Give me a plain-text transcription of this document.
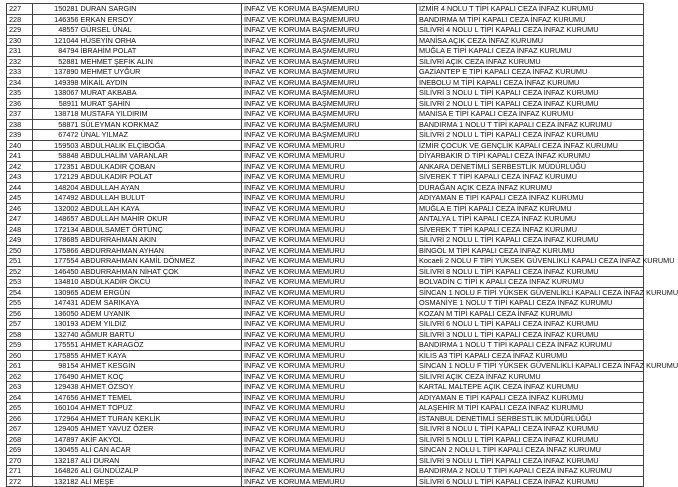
227	150281	DURAN SARGIN	İNFAZ VE KORUMA BAŞMEMURU	İZMİR 4 NOLU T TİPİ KAPALI CEZA İNFAZ KURUMU
228	146356	ERKAN ERSOY	İNFAZ VE KORUMA BAŞMEMURU	BANDIRMA M TİPİ KAPALI CEZA İNFAZ KURUMU
229	48557	GÜRSEL ÜNAL	İNFAZ VE KORUMA BAŞMEMURU	SİLİVRİ 4 NOLU L TİPİ KAPALI CEZA İNFAZ KURUMU
230	121044	HÜSEYİN ORHA	İNFAZ VE KORUMA BAŞMEMURU	MANİSA AÇIK CEZA İNFAZ KURUMU
231	84794	İBRAHİM POLAT	İNFAZ VE KORUMA BAŞMEMURU	MUĞLA E TİPİ KAPALI CEZA İNFAZ KURUMU
232	52881	MEHMET ŞEFİK ALIN	İNFAZ VE KORUMA BAŞMEMURU	SİLİVRİ AÇIK CEZA İNFAZ KURUMU
233	137890	MEHMET UYĞUR	İNFAZ VE KORUMA BAŞMEMURU	GAZİANTEP E TİPİ KAPALI CEZA İNFAZ KURUMU
234	149398	MİKAİL AYDIN	İNFAZ VE KORUMA BAŞMEMURU	İNEBOLU M TİPİ KAPALI CEZA İNFAZ KURUMU
235	138067	MURAT AKBABA	İNFAZ VE KORUMA BAŞMEMURU	SİLİVRİ 3 NOLU L TİPİ KAPALI CEZA İNFAZ KURUMU
236	58911	MURAT ŞAHİN	İNFAZ VE KORUMA BAŞMEMURU	SİLİVRİ 2 NOLU L TİPİ KAPALI CEZA İNFAZ KURUMU
237	138718	MUSTAFA YILDIRIM	İNFAZ VE KORUMA BAŞMEMURU	MANİSA E TİPİ KAPALI CEZA İNFAZ KURUMU
238	58871	SÜLEYMAN KORKMAZ	İNFAZ VE KORUMA BAŞMEMURU	BANDIRMA 1 NOLU T TİPİ KAPALI CEZA İNFAZ KURUMU
239	67472	ÜNAL YILMAZ	İNFAZ VE KORUMA BAŞMEMURU	SİLİVRİ 2 NOLU L TİPİ KAPALI CEZA İNFAZ KURUMU
240	159503	ABDULHALIK ELÇİBOĞA	İNFAZ VE KORUMA MEMURU	İZMİR ÇOCUK VE GENÇLİK KAPALI CEZA İNFAZ KURUMU
241	58848	ABDULHALİM VARANLAR	İNFAZ VE KORUMA MEMURU	DİYARBAKIR D TİPİ KAPALI CEZA İNFAZ KURUMU
242	172351	ABDULKADİR ÇOBAN	İNFAZ VE KORUMA MEMURU	ANKARA DENETİMLİ SERBESTLİK MÜDÜRLÜĞÜ
243	172129	ABDULKADİR POLAT	İNFAZ VE KORUMA MEMURU	SİVEREK T TİPİ KAPALI CEZA İNFAZ KURUMU
244	148204	ABDULLAH AYAN	İNFAZ VE KORUMA MEMURU	DURAĞAN AÇIK CEZA İNFAZ KURUMU
245	147492	ABDULLAH BULUT	İNFAZ VE KORUMA MEMURU	ADIYAMAN E TİPİ KAPALI CEZA İNFAZ KURUMU
246	132002	ABDULLAH KAYA	İNFAZ VE KORUMA MEMURU	MUĞLA E TİPİ KAPALI CEZA İNFAZ KURUMU
247	148657	ABDULLAH MAHİR OKUR	İNFAZ VE KORUMA MEMURU	ANTALYA L TİPİ KAPALI CEZA İNFAZ KURUMU
248	172134	ABDULSAMET ÖRTÜNÇ	İNFAZ VE KORUMA MEMURU	SİVEREK T TİPİ KAPALI CEZA İNFAZ KURUMU
249	178685	ABDURRAHMAN AKIN	İNFAZ VE KORUMA MEMURU	SİLİVRİ 2 NOLU L TİPİ KAPALI CEZA İNFAZ KURUMU
250	175866	ABDURRAHMAN AYHAN	İNFAZ VE KORUMA MEMURU	BİNGÖL M TİPİ KAPALI CEZA İNFAZ KURUMU
251	177554	ABDURRAHMAN KAMİL DÖNMEZ	İNFAZ VE KORUMA MEMURU	Kocaeli 2 NOLU F TİPİ YÜKSEK GÜVENLİKLİ KAPALI CEZA İNFAZ KURUMU
252	146450	ABDURRAHMAN NİHAT ÇOK	İNFAZ VE KORUMA MEMURU	SİLİVRİ 8 NOLU L TİPİ KAPALI CEZA İNFAZ KURUMU
253	134810	ABDÜLKADİR ÖKCÜ	İNFAZ VE KORUMA MEMURU	BOLVADİN C TİPİ K APALI CEZA İNFAZ KURUMU
254	130965	ADEM ERGÜN	İNFAZ VE KORUMA MEMURU	SİNCAN 1 NOLU F TİPİ YÜKSEK GÜVENLİKLİ KAPALI CEZA İNFAZ KURUMU
255	147431	ADEM SARIKAYA	İNFAZ VE KORUMA MEMURU	OSMANİYE 1 NOLU T TİPİ KAPALI CEZA İNFAZ KURUMU
256	136050	ADEM UYANIK	İNFAZ VE KORUMA MEMURU	KOZAN M TİPİ KAPALI CEZA İNFAZ KURUMU
257	130193	ADEM YILDIZ	İNFAZ VE KORUMA MEMURU	SİLİVRİ 6 NOLU L TİPİ KAPALI CEZA İNFAZ KURUMU
258	132740	AĞMUR BARTU	İNFAZ VE KORUMA MEMURU	SİLİVRİ 3 NOLU L TİPİ KAPALI CEZA İNFAZ KURUMU
259	175551	AHMET KARAGÖZ	İNFAZ VE KORUMA MEMURU	BANDIRMA 1 NOLU T TİPİ KAPALI CEZA İNFAZ KURUMU
260	175855	AHMET KAYA	İNFAZ VE KORUMA MEMURU	KİLİS A3 TİPİ KAPALI CEZA İNFAZ KURUMU
261	98154	AHMET KESGİN	İNFAZ VE KORUMA MEMURU	SİNCAN 1 NOLU F TİPİ YÜKSEK GÜVENLİKLİ KAPALI CEZA İNFAZ KURUMU
262	176490	AHMET KOÇ	İNFAZ VE KORUMA MEMURU	SİLİVRİ AÇIK CEZA İNFAZ KURUMU
263	129438	AHMET ÖZSOY	İNFAZ VE KORUMA MEMURU	KARTAL MALTEPE AÇIK CEZA İNFAZ KURUMU
264	147656	AHMET TEMEL	İNFAZ VE KORUMA MEMURU	ADIYAMAN E TİPİ KAPALI CEZA İNFAZ KURUMU
265	160104	AHMET TOPUZ	İNFAZ VE KORUMA MEMURU	ALAŞEHİR M TİPİ KAPALI CEZA İNFAZ KURUMU
266	172964	AHMET TURAN KEKLİK	İNFAZ VE KORUMA MEMURU	İSTANBUL DENETİMLİ SERBESTLİK MÜDÜRLÜĞÜ
267	129405	AHMET YAVUZ ÖZER	İNFAZ VE KORUMA MEMURU	SİLİVRİ 8 NOLU L TİPİ KAPALI CEZA İNFAZ KURUMU
268	147897	AKİF AKYOL	İNFAZ VE KORUMA MEMURU	SİLİVRİ 5 NOLU L TİPİ KAPALI CEZA İNFAZ KURUMU
269	130455	ALİ CAN ACAR	İNFAZ VE KORUMA MEMURU	SİNCAN 2 NOLU L TİPİ KAPALI CEZA İNFAZ KURUMU
270	132187	ALİ DURAN	İNFAZ VE KORUMA MEMURU	SİLİVRİ 9 NOLU L TİPİ KAPALI CEZA İNFAZ KURUMU
271	164826	ALİ GÜNDÜZALP	İNFAZ VE KORUMA MEMURU	BANDIRMA 2 NOLU T TİPİ KAPALI CEZA İNFAZ KURUMU
272	132182	ALİ MEŞE	İNFAZ VE KORUMA MEMURU	SİLİVRİ 6 NOLU L TİPİ KAPALI CEZA İNFAZ KURUMU
